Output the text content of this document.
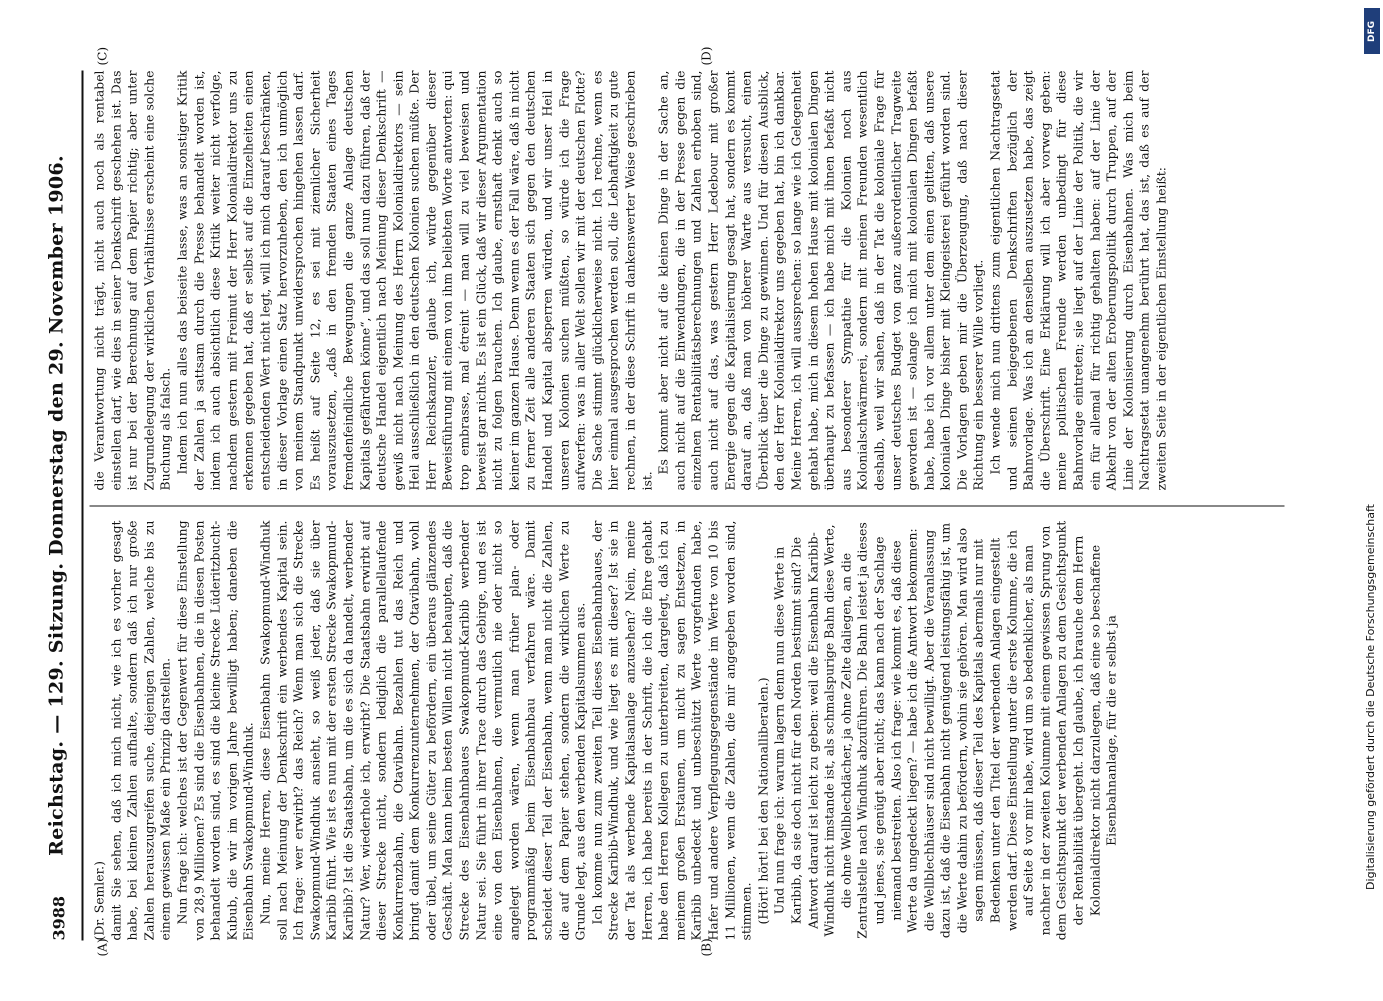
3988
Reichstag. — 129. Sitzung. Donnerstag den 29. November 1906.
(A)	(B)
(C)	(D)

(Dr. Semler.) damit Sie sehen, daß ich mich nicht, wie ich es vorher gesagt habe, bei kleinen Zahlen aufhalte, sondern daß ich nur große Zahlen herauszugreifen suche, diejenigen Zahlen, welche bis zu einem gewissen Maße ein Prinzip darstellen. Nun frage ich: welches ist der Gegenwert für diese Einstellung von 28,9 Millionen? Es sind die Eisenbahnen, die in diesen Posten behandelt worden sind, es sind die kleine Strecke Lüderitzbucht-Kubub, die wir im vorigen Jahre bewilligt haben; daneben die Eisenbahn Swakopmund-Windhuk. Nun, meine Herren, diese Eisenbahn Swakopmund-Windhuk soll nach Meinung der Denkschrift ein werbendes Kapital sein. Ich frage: wer erwirbt? das Reich? Wenn man sich die Strecke Swakopmund-Windhuk ansieht, so weiß jeder, daß sie über Karibib führt. Wie ist es nun mit der ersten Strecke Swakopmund-Karibib? Ist die Staatsbahn, um die es sich da handelt, werbender Natur? Wer, wiederhole ich, erwirbt? Die Staatsbahn erwirbt auf dieser Strecke nicht, sondern lediglich die parallellaufende Konkurrenzbahn, die Otavibahn. Bezahlen tut das Reich und bringt damit dem Konkurrenzunternehmen, der Otavibahn, wohl oder übel, um seine Güter zu befördern, ein überaus glänzendes Geschäft. Man kann beim besten Willen nicht behaupten, daß die Strecke des Eisenbahnbaues Swakopmund-Karibib werbender Natur sei. Sie führt in ihrer Trace durch das Gebirge, und es ist eine von den Eisenbahnen, die vermutlich nie oder nicht so angelegt worden wären, wenn man früher plan- oder programmäßig beim Eisenbahnbau verfahren wäre. Damit scheidet dieser Teil der Eisenbahn, wenn man nicht die Zahlen, die auf dem Papier stehen, sondern die wirklichen Werte zu Grunde legt, aus den werbenden Kapitalsummen aus. Ich komme nun zum zweiten Teil dieses Eisenbahnbaues, der Strecke Karibib-Windhuk, und wie liegt es mit dieser? Ist sie in der Tat als werbende Kapitalsanlage anzusehen? Nein, meine Herren, ich habe bereits in der Schrift, die ich die Ehre gehabt habe den Herren Kollegen zu unterbreiten, dargelegt, daß ich zu meinem großen Erstaunen, um nicht zu sagen Entsetzen, in Karibib unbedeckt und unbeschützt Werte vorgefunden habe, Hafer und andere Verpflegungsgegenstände im Werte von 10 bis 11 Millionen, wenn die Zahlen, die mir angegeben worden sind, stimmen. (Hört! hört! bei den Nationalliberalen.) Und nun frage ich: warum lagern denn nun diese Werte in Karibib, da sie doch nicht für den Norden bestimmt sind? Die Antwort darauf ist leicht zu geben: weil die Eisenbahn Karibib-Windhuk nicht imstande ist, als schmalspurige Bahn diese Werte, die ohne Wellblechdächer, ja ohne Zelte daliegen, an die Zentralstelle nach Windhuk abzuführen. Die Bahn leistet ja dieses und jenes, sie genügt aber nicht; das kann nach der Sachlage niemand bestreiten. Also ich frage: wie kommt es, daß diese Werte da ungedeckt liegen? — habe ich die Antwort bekommen: die Wellblechhäuser sind nicht bewilligt. Aber die Veranlassung dazu ist, daß die Eisenbahn nicht genügend leistungsfähig ist, um die Werte dahin zu befördern, wohin sie gehören. Man wird also sagen müssen, daß dieser Teil des Kapitals abermals nur mit Bedenken unter den Titel der werbenden Anlagen eingestellt werden darf. Diese Einstellung unter die erste Kolumne, die ich auf Seite 8 vor mir habe, wird um so bedenklicher, als man nachher in der zweiten Kolumne mit einem gewissen Sprung von dem Gesichtspunkt der werbenden Anlagen zu dem Gesichtspunkt der Rentabilität übergeht. Ich glaube, ich brauche dem Herrn Kolonialdirektor nicht darzulegen, daß eine so beschaffene Eisenbahnanlage, für die er selbst ja

die Verantwortung nicht trägt, nicht auch noch als rentabel einstellen darf, wie dies in seiner Denkschrift geschehen ist. Das ist nur bei der Berechnung auf dem Papier richtig; aber unter Zugrundelegung der wirklichen Verhältnisse erscheint eine solche Buchung als falsch. Indem ich nun alles das beiseite lasse, was an sonstiger Kritik der Zahlen ja sattsam durch die Presse behandelt worden ist, indem ich auch absichtlich diese Kritik weiter nicht verfolge, nachdem gestern mit Freimut der Herr Kolonialdirektor uns zu erkennen gegeben hat, daß er selbst auf die Einzelheiten einen entscheidenden Wert nicht legt, will ich mich darauf beschränken, in dieser Vorlage einen Satz hervorzuheben, den ich unmöglich von meinem Standpunkt unwidersprochen hingehen lassen darf. Es heißt auf Seite 12, es sei mit ziemlicher Sicherheit vorauszusetzen, „daß in den fremden Staaten eines Tages fremdenfeindliche Bewegungen die ganze Anlage deutschen Kapitals gefährden könne“, und das soll nun dazu führen, daß der deutsche Handel eigentlich nach Meinung dieser Denkschrift — gewiß nicht nach Meinung des Herrn Kolonialdirektors — sein Heil ausschließlich in den deutschen Kolonien suchen müßte. Der Herr Reichskanzler, glaube ich, würde gegenüber dieser Beweisführung mit einem von ihm beliebten Worte antworten: qui trop embrasse, mal étreint — man will zu viel beweisen und beweist gar nichts. Es ist ein Glück, daß wir dieser Argumentation nicht zu folgen brauchen. Ich glaube, ernsthaft denkt auch so keiner im ganzen Hause. Denn wenn es der Fall wäre, daß in nicht zu ferner Zeit alle anderen Staaten sich gegen den deutschen Handel und Kapital absperren würden, und wir unser Heil in unseren Kolonien suchen müßten, so würde ich die Frage aufwerfen: was in aller Welt sollen wir mit der deutschen Flotte? Die Sache stimmt glücklicherweise nicht. Ich rechne, wenn es hier einmal ausgesprochen werden soll, die Lebhaftigkeit zu gute rechnen, in der diese Schrift in dankenswerter Weise geschrieben ist.

Es kommt aber nicht auf die kleinen Dinge in der Sache an, auch nicht auf die Einwendungen, die in der Presse gegen die einzelnen Rentabilitätsberechnungen und Zahlen erhoben sind, auch nicht auf das, was gestern Herr Ledebour mit großer Energie gegen die Kapitalisierung gesagt hat, sondern es kommt darauf an, daß man von höherer Warte aus versucht, einen Überblick über die Dinge zu gewinnen. Und für diesen Ausblick, den der Herr Kolonialdirektor uns gegeben hat, bin ich dankbar. Meine Herren, ich will aussprechen: so lange wie ich Gelegenheit gehabt habe, mich in diesem hohen Hause mit kolonialen Dingen überhaupt zu befassen — ich habe mich mit ihnen befaßt nicht aus besonderer Sympathie für die Kolonien noch aus Kolonialschwärmerei, sondern mit meinen Freunden wesentlich deshalb, weil wir sahen, daß in der Tat die koloniale Frage für unser deutsches Budget von ganz außerordentlicher Tragweite geworden ist — solange ich mich mit kolonialen Dingen befaßt habe, habe ich vor allem unter dem einen gelitten, daß unsere kolonialen Dinge bisher mit Kleingeisterei geführt worden sind. Die Vorlagen geben mir die Überzeugung, daß nach dieser Richtung ein besserer Wille vorliegt. Ich wende mich nun drittens zum eigentlichen Nachtragsetat und seinen beigegebenen Denkschriften bezüglich der Bahnvorlage. Was ich an denselben auszusetzen habe, das zeigt die Überschrift. Eine Erklärung will ich aber vorweg geben: meine politischen Freunde werden unbedingt für diese Bahnvorlage eintreten; sie liegt auf der Linie der Politik, die wir ein für allemal für richtig gehalten haben: auf der Linie der Abkehr von der alten Eroberungspolitik durch Truppen, auf der Linie der Kolonisierung durch Eisenbahnen. Was mich beim Nachtragsetat unangenehm berührt hat, das ist, daß es auf der zweiten Seite in der eigentlichen Einstellung heißt:

DFG
Digitalisierung gefördert durch die Deutsche Forschungsgemeinschaft
